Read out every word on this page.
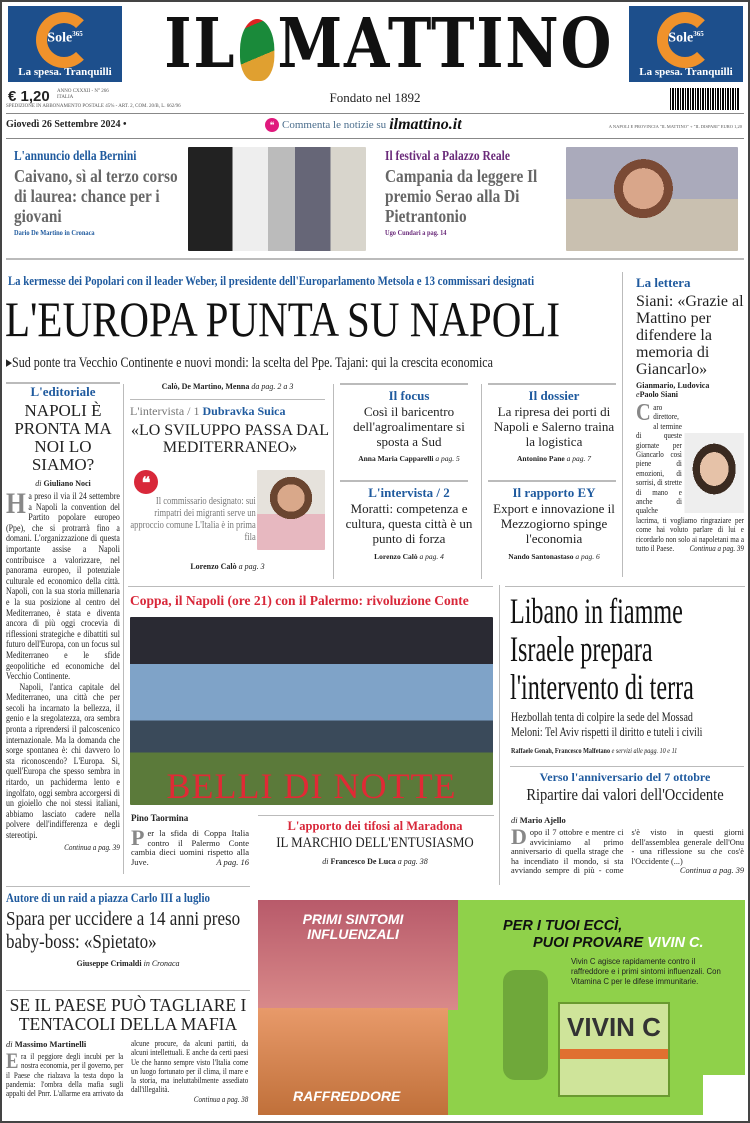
Sole$^{365}$
La spesa. Tranquilli
Sole$^{365}$
La spesa. Tranquilli
IL MATTINO
€ 1,20 ANNO CXXXII - N° 266
ITALIA
SPEDIZIONE IN ABBONAMENTO POSTALE 45% - ART. 2, COM. 20/B, L. 662/96
Fondato nel 1892
Giovedì 26 Settembre 2024 •	❝ Commenta le notizie su ilmattino.it	A NAPOLI E PROVINCIA "IL MATTINO" + "IL DISPARI" EURO 1,20
L'annuncio della Bernini
Caivano, sì al terzo corso di laurea: chance per i giovani
Dario De Martino in Cronaca
Il festival a Palazzo Reale
Campania da leggere Il premio Serao alla Di Pietrantonio
Ugo Cundari a pag. 14
La kermesse dei Popolari con il leader Weber, il presidente dell'Europarlamento Metsola e 13 commissari designati
L'EUROPA PUNTA SU NAPOLI
▸Sud ponte tra Vecchio Continente e nuovi mondi: la scelta del Ppe. Tajani: qui la crescita economica
L'editoriale
NAPOLI È PRONTA MA NOI LO SIAMO?
di Giuliano Noci
Ha preso il via il 24 settembre a Napoli la convention del Partito popolare europeo (Ppe), che si protrarrà fino a domani. L'organizzazione di questa importante assise a Napoli contribuisce a valorizzare, nel panorama europeo, il potenziale culturale ed economico della città. Napoli, con la sua storia millenaria e la sua posizione al centro del Mediterraneo, è stata e diventa ancora di più oggi crocevia di riflessioni strategiche e dibattiti sul futuro dell'Europa, con un focus sul Mediterraneo e le sfide geopolitiche ed economiche del Vecchio Continente.
Napoli, l'antica capitale del Mediterraneo, una città che per secoli ha incarnato la bellezza, il genio e la sregolatezza, ora sembra pronta a riprendersi il palcoscenico internazionale. Ma la domanda che sorge spontanea è: chi davvero lo sta riconoscendo? L'Europa. Sì, quell'Europa che spesso sembra in ritardo, un pachiderma lento e ingolfato, oggi sembra accorgersi di un gioiello che noi stessi italiani, abbiamo lasciato cadere nella polvere dell'indifferenza e degli stereotipi.
Continua a pag. 39
Calò, De Martino, Menna da pag. 2 a 3
L'intervista / 1 Dubravka Suica
«LO SVILUPPO PASSA DAL MEDITERRANEO»
❝
Il commissario designato: sui rimpatri dei migranti serve un approccio comune L'Italia è in prima fila
Lorenzo Calò a pag. 3
Il focus
Così il baricentro dell'agroalimentare si sposta a Sud
Anna Maria Capparelli a pag. 5
Il dossier
La ripresa dei porti di Napoli e Salerno traina la logistica
Antonino Pane a pag. 7
L'intervista / 2
Moratti: competenza e cultura, questa città è un punto di forza
Lorenzo Calò a pag. 4
Il rapporto EY
Export e innovazione il Mezzogiorno spinge l'economia
Nando Santonastaso a pag. 6
La lettera
Siani: «Grazie al Mattino per difendere la memoria di Giancarlo»
Gianmario, Ludovica
ePaolo Siani
Caro direttore, al termine di queste giornate per Giancarlo così piene di emozioni, di sorrisi, di strette di mano e anche di qualche lacrima, ti vogliamo ringraziare per come hai voluto parlare di lui e ricordarlo non solo ai napoletani ma a tutto il Paese. Continua a pag. 39
Coppa, il Napoli (ore 21) con il Palermo: rivoluzione Conte
BELLI DI NOTTE
Pino Taormina
Per la sfida di Coppa Italia contro il Palermo Conte cambia dieci uomini rispetto alla Juve.	A pag. 16
L'apporto dei tifosi al Maradona
IL MARCHIO DELL'ENTUSIASMO
di Francesco De Luca a pag. 38
Libano in fiamme Israele prepara l'intervento di terra
Hezbollah tenta di colpire la sede del Mossad
Meloni: Tel Aviv rispetti il diritto e tuteli i civili
Raffaele Genah, Francesco Malfetano e servizi alle pagg. 10 e 11
Verso l'anniversario del 7 ottobre
Ripartire dai valori dell'Occidente
di Mario Ajello
Dopo il 7 ottobre e mentre ci avviciniamo al primo anniversario di quella strage che ha incendiato il mondo, si sta avviando sempre di più - come s'è visto in questi giorni dell'assemblea generale dell'Onu - una riflessione su che cos'è l'Occidente (...)

Continua a pag. 39
Autore di un raid a piazza Carlo III a luglio
Spara per uccidere a 14 anni preso baby-boss: «Spietato»
Giuseppe Crimaldi in Cronaca
SE IL PAESE PUÒ TAGLIARE I TENTACOLI DELLA MAFIA
di Massimo Martinelli
Era il peggiore degli incubi per la nostra economia, per il governo, per il Paese che rialzava la testa dopo la pandemia: l'ombra della mafia sugli appalti del Pnrr. L'allarme era arrivato da alcune procure, da alcuni partiti, da alcuni intellettuali. E anche da certi paesi Ue che hanno sempre visto l'Italia come un luogo fortunato per il clima, il mare e la storia, ma ineluttabilmente assediato dall'illegalità.

Continua a pag. 38
PRIMI SINTOMI INFLUENZALI
RAFFREDDORE
PER I TUOI ECCÌ,
PUOI PROVARE VIVIN C.
Vivin C agisce rapidamente contro il raffreddore e i primi sintomi influenzali. Con Vitamina C per le difese immunitarie.
VIVIN C
